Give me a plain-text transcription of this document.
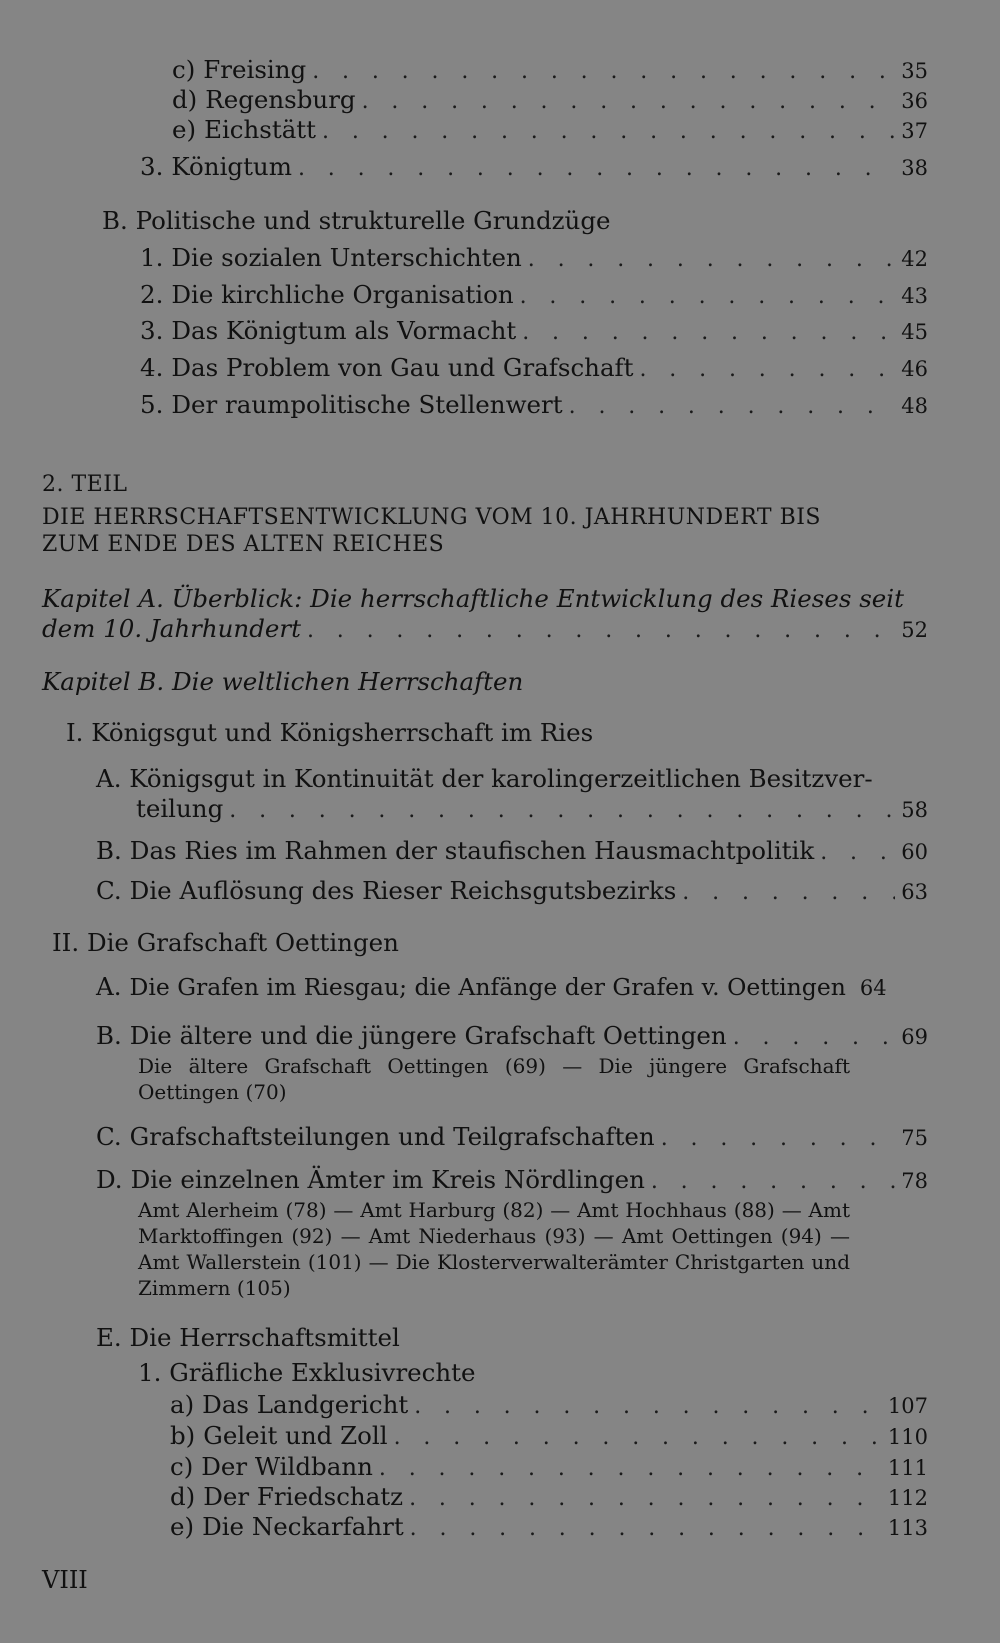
c) Freising . . .	35
d) Regensburg . . .	36
e) Eichstätt . . .	37
3. Königtum . . .	38
B. Politische und strukturelle Grundzüge
1. Die sozialen Unterschichten . . .	42
2. Die kirchliche Organisation . . .	43
3. Das Königtum als Vormacht . . .	45
4. Das Problem von Gau und Grafschaft . . .	46
5. Der raumpolitische Stellenwert . . .	48
2. TEIL
DIE HERRSCHAFTSENTWICKLUNG VOM 10. JAHRHUNDERT BIS
ZUM ENDE DES ALTEN REICHES
Kapitel A. Überblick: Die herrschaftliche Entwicklung des Rieses seit
dem 10. Jahrhundert . . .	52
Kapitel B. Die weltlichen Herrschaften
I. Königsgut und Königsherrschaft im Ries
A. Königsgut in Kontinuität der karolingerzeitlichen Besitzver-
teilung . . .	58
B. Das Ries im Rahmen der staufischen Hausmachtpolitik . . .	60
C. Die Auflösung des Rieser Reichsgutsbezirks . . .	63
II. Die Grafschaft Oettingen
A. Die Grafen im Riesgau; die Anfänge der Grafen v. Oettingen 64
B. Die ältere und die jüngere Grafschaft Oettingen . . .	69
Die ältere Grafschaft Oettingen (69) — Die jüngere Grafschaft Oettingen (70)
C. Grafschaftsteilungen und Teilgrafschaften . . .	75
D. Die einzelnen Ämter im Kreis Nördlingen . . .	78
Amt Alerheim (78) — Amt Harburg (82) — Amt Hochhaus (88) — Amt Marktoffingen (92) — Amt Niederhaus (93) — Amt Oettingen (94) — Amt Wallerstein (101) — Die Klosterverwalterämter Christgarten und Zimmern (105)
E. Die Herrschaftsmittel
1. Gräfliche Exklusivrechte
a) Das Landgericht . . .	107
b) Geleit und Zoll . . .	110
c) Der Wildbann . . .	111
d) Der Friedschatz . . .	112
e) Die Neckarfahrt . . .	113
VIII
